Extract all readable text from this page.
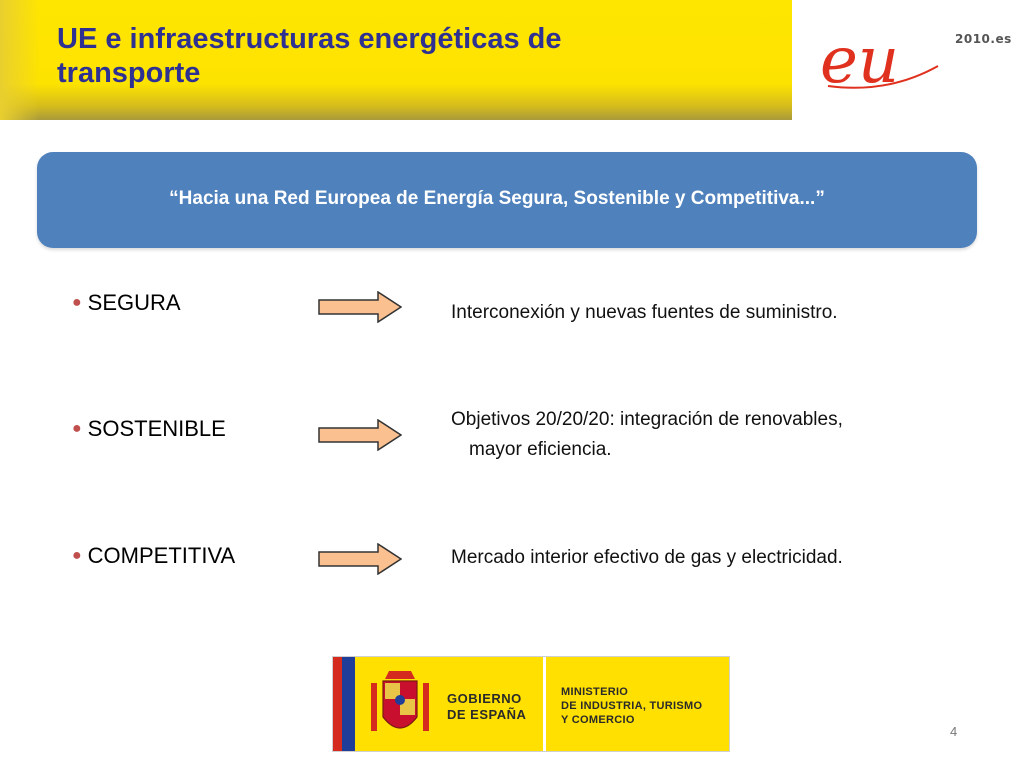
UE e infraestructuras energéticas de
transporte	eu	2010.es
“Hacia una Red Europea de Energía Segura, Sostenible y Competitiva...”
● SEGURA	Interconexión y nuevas fuentes de suministro.
● SOSTENIBLE	Objetivos 20/20/20: integración de renovables,
mayor eficiencia.
● COMPETITIVA	Mercado interior efectivo de gas y electricidad.
GOBIERNO
DE ESPAÑA
MINISTERIO
DE INDUSTRIA, TURISMO
Y COMERCIO
4
